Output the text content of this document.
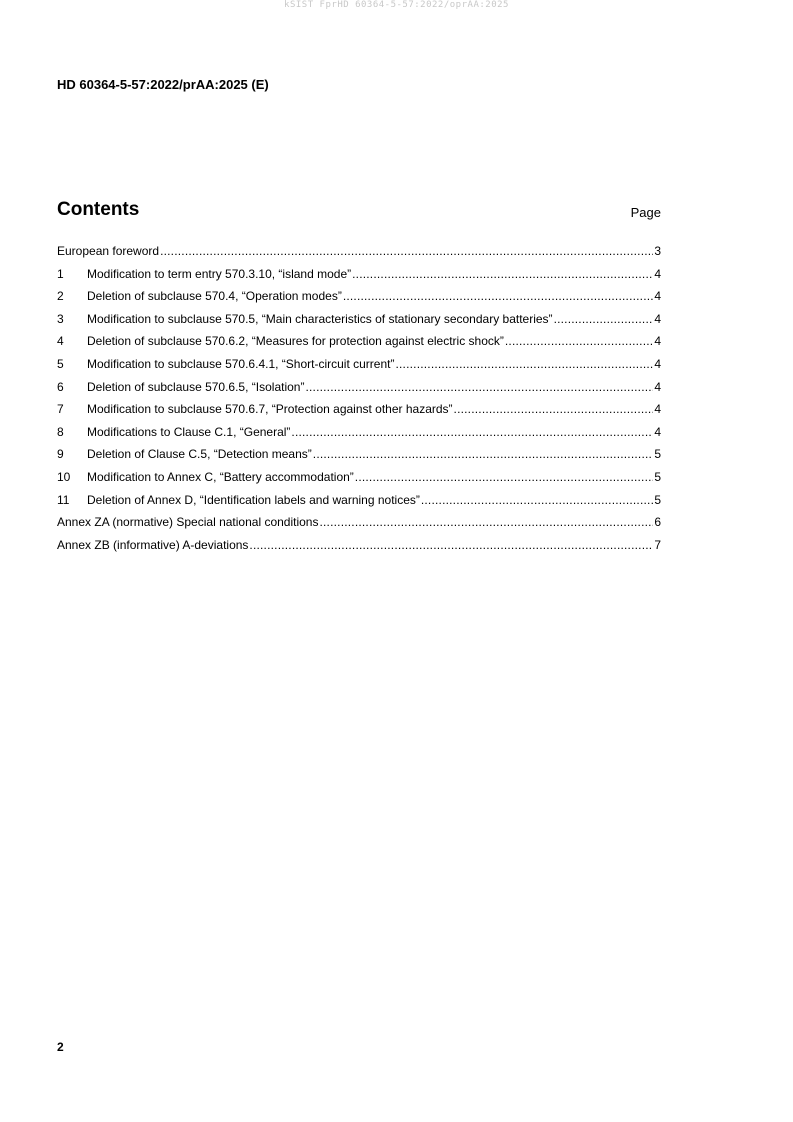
kSIST FprHD 60364-5-57:2022/oprAA:2025
HD 60364-5-57:2022/prAA:2025 (E)
Contents	Page
European foreword .....	3
1	Modification to term entry 570.3.10, “island mode” .....	4
2	Deletion of subclause 570.4, “Operation modes” .....	4
3	Modification to subclause 570.5, “Main characteristics of stationary secondary batteries” .....	4
4	Deletion of subclause 570.6.2, “Measures for protection against electric shock” .....	4
5	Modification to subclause 570.6.4.1, “Short-circuit current” .....	4
6	Deletion of subclause 570.6.5, “Isolation” .....	4
7	Modification to subclause 570.6.7, “Protection against other hazards” .....	4
8	Modifications to Clause C.1, “General” .....	4
9	Deletion of Clause C.5, “Detection means” .....	5
10	Modification to Annex C, “Battery accommodation” .....	5
11	Deletion of Annex D, “Identification labels and warning notices” .....	5
Annex ZA (normative) Special national conditions .....	6
Annex ZB (informative) A-deviations .....	7
2
